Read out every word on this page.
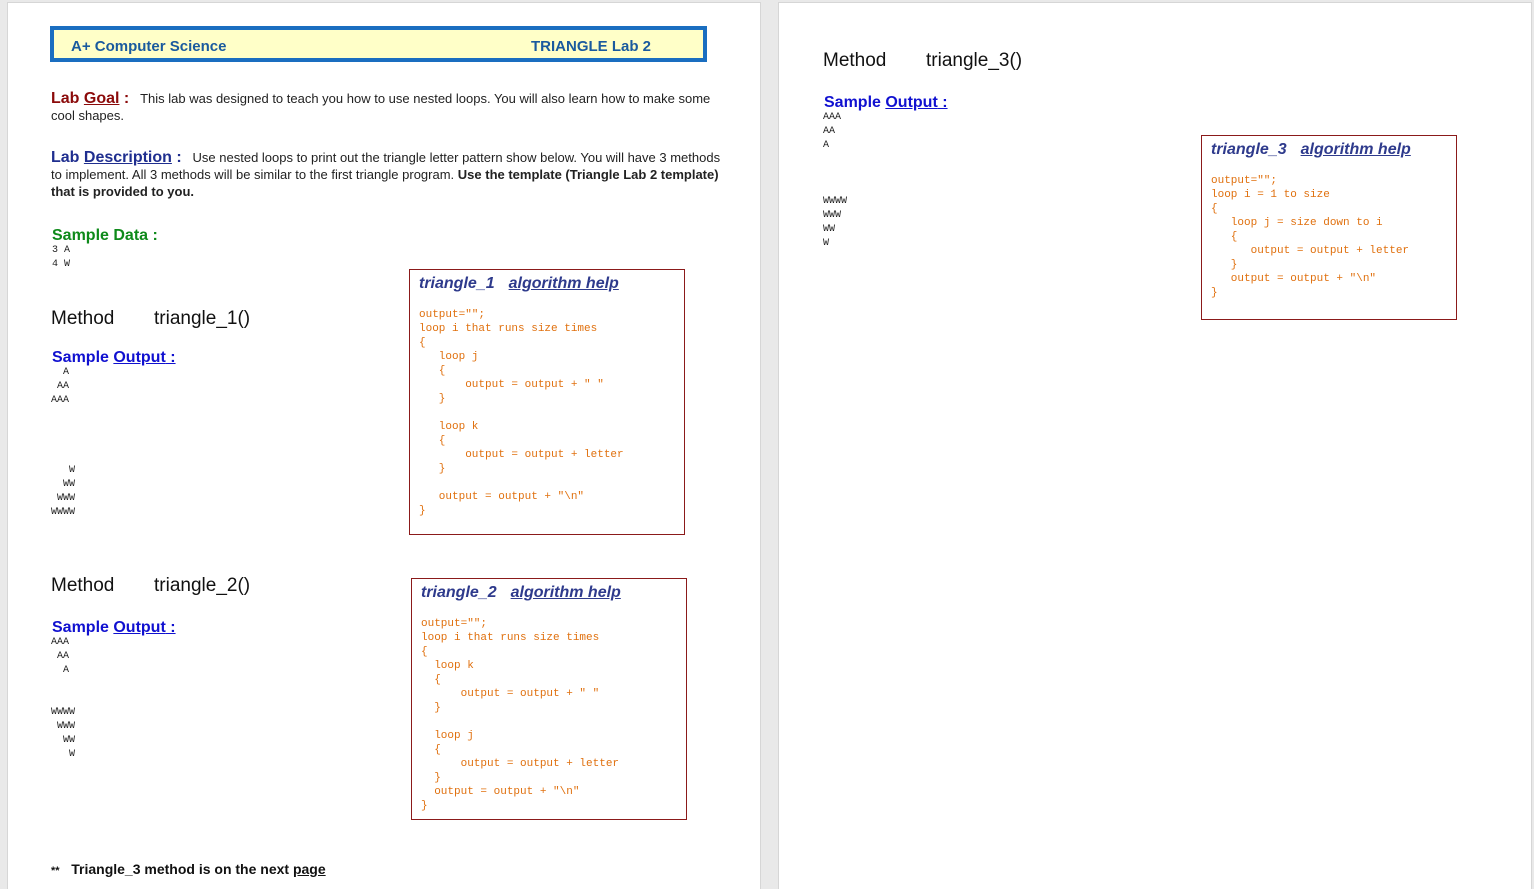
A+ Computer Science	TRIANGLE Lab 2
Lab Goal : This lab was designed to teach you how to use nested loops. You will also learn how to make some cool shapes.
Lab Description : Use nested loops to print out the triangle letter pattern show below. You will have 3 methods to implement. All 3 methods will be similar to the first triangle program. Use the template (Triangle Lab 2 template) that is provided to you.
Sample Data :
3 A
4 W
Method triangle_1()
Sample Output :
A
AA
AAA
W
WW
WWW
WWWW
triangle_1 algorithm help
output="";
loop i that runs size times
{
loop j
{
output = output + " "
}

loop k
{
output = output + letter
}

output = output + "\n"
}
Method triangle_2()
Sample Output :
AAA
AA
A
WWWW
WWW
WW
W
triangle_2 algorithm help
output="";
loop i that runs size times
{
loop k
{
output = output + " "
}

loop j
{
output = output + letter
}
output = output + "\n"
}
** Triangle_3 method is on the next page
Method triangle_3()
Sample Output :
AAA
AA
A
WWWW
WWW
WW
W
triangle_3 algorithm help
output="";
loop i = 1 to size
{
loop j = size down to i
{
output = output + letter
}
output = output + "\n"
}
